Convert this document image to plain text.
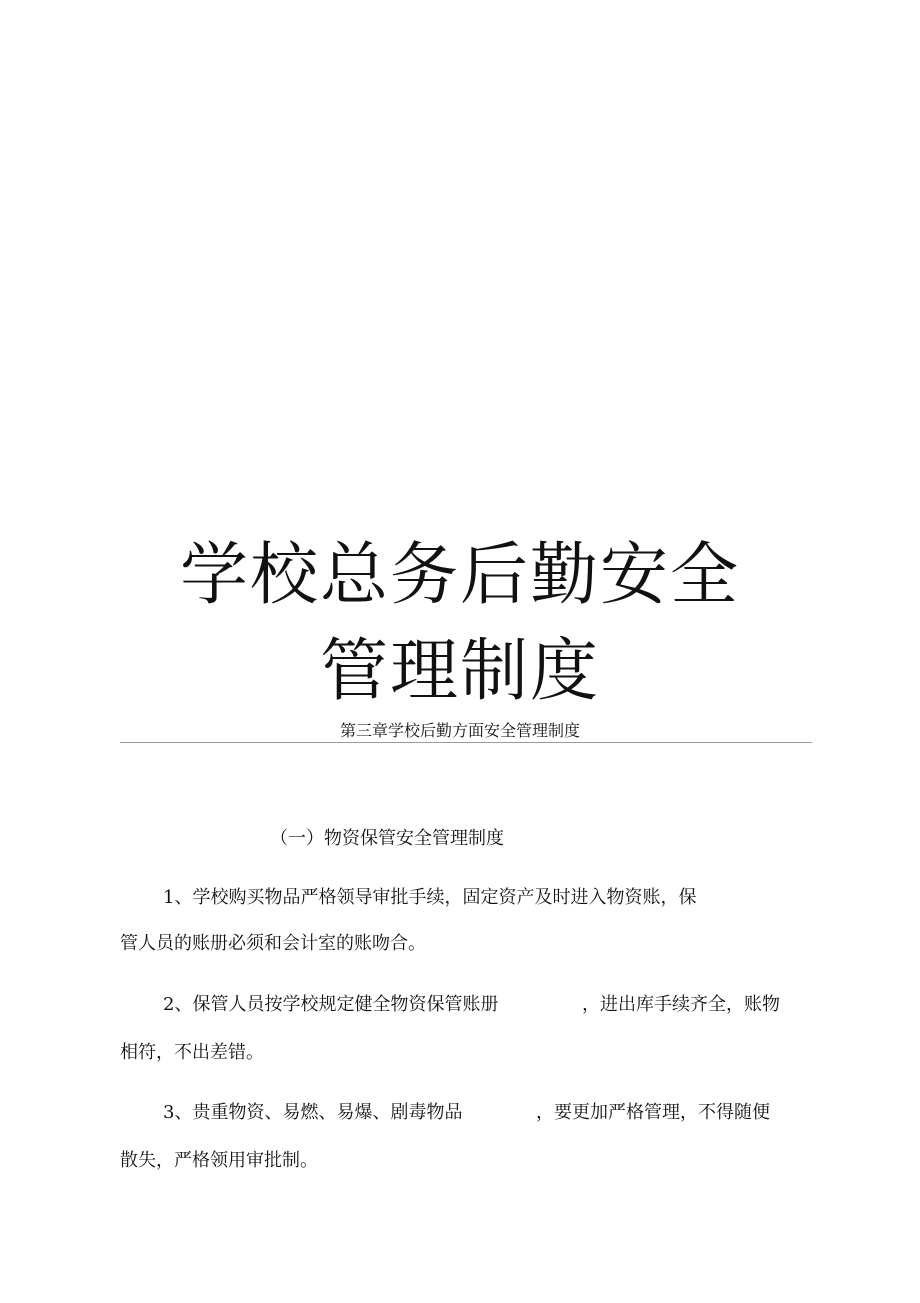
学校总务后勤安全
管理制度
第三章学校后勤方面安全管理制度
（一）物资保管安全管理制度
1、学校购买物品严格领导审批手续，固定资产及时进入物资账，保
管人员的账册必须和会计室的账吻合。
2、保管人员按学校规定健全物资保管账册	，进出库手续齐全，账物
相符，不出差错。
3、贵重物资、易燃、易爆、剧毒物品	，要更加严格管理，不得随便
散失，严格领用审批制。
